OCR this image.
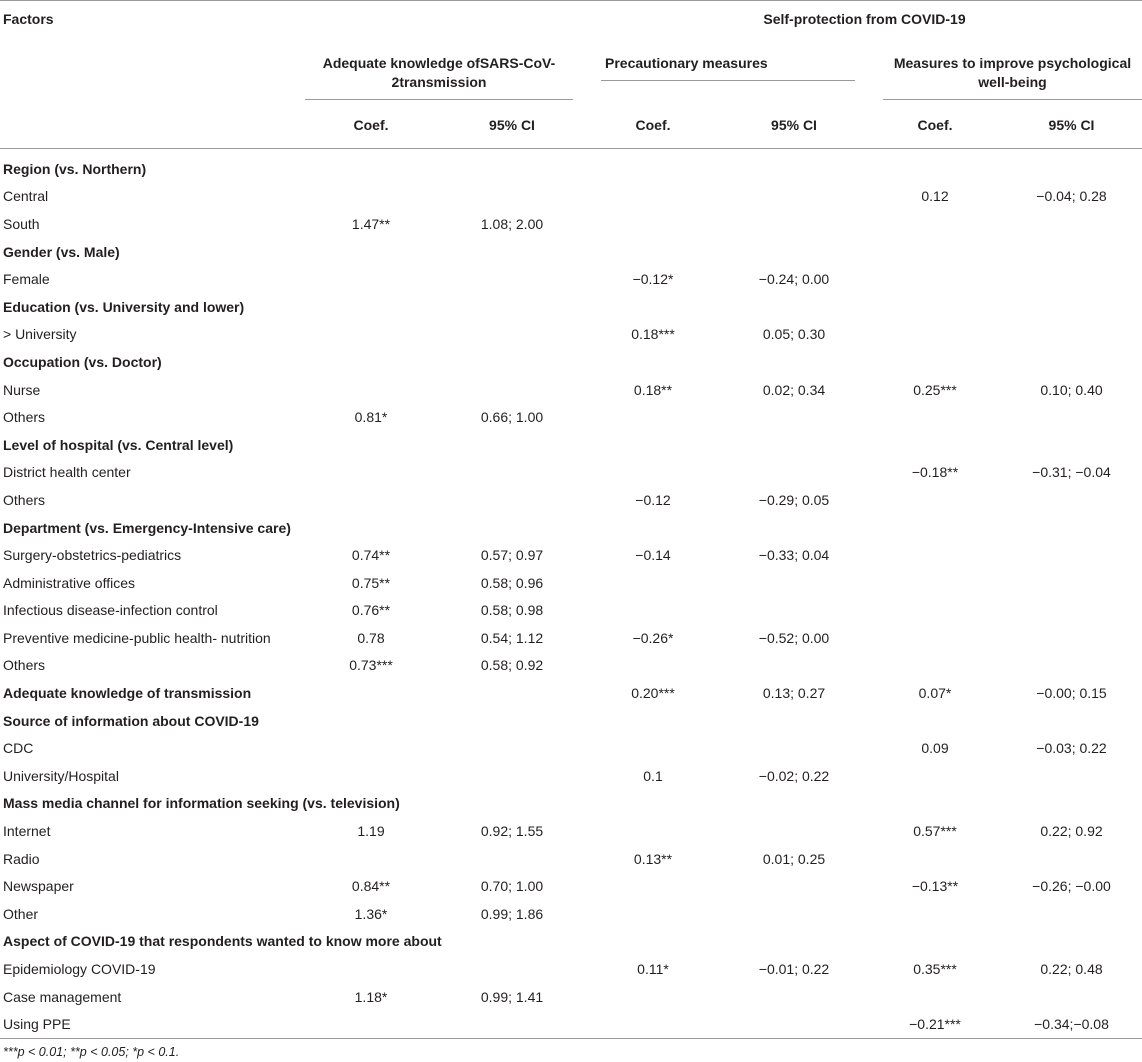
Factors			Self-protection from COVID-19			

	Adequate knowledge ofSARS-CoV-2transmission		Precautionary measures		Measures to improve psychological well-being	

	Coef.	95% CI	Coef.	95% CI	Coef.	95% CI
Region (vs. Northern)						
Central					0.12	−0.04; 0.28
South	1.47**	1.08; 2.00				
Gender (vs. Male)						
Female			−0.12*	−0.24; 0.00		
Education (vs. University and lower)						
> University			0.18***	0.05; 0.30		
Occupation (vs. Doctor)						
Nurse			0.18**	0.02; 0.34	0.25***	0.10; 0.40
Others	0.81*	0.66; 1.00				
Level of hospital (vs. Central level)						
District health center					−0.18**	−0.31; −0.04
Others			−0.12	−0.29; 0.05		
Department (vs. Emergency-Intensive care)						
Surgery-obstetrics-pediatrics	0.74**	0.57; 0.97	−0.14	−0.33; 0.04		
Administrative offices	0.75**	0.58; 0.96				
Infectious disease-infection control	0.76**	0.58; 0.98				
Preventive medicine-public health- nutrition	0.78	0.54; 1.12	−0.26*	−0.52; 0.00		
Others	0.73***	0.58; 0.92				
Adequate knowledge of transmission			0.20***	0.13; 0.27	0.07*	−0.00; 0.15
Source of information about COVID-19						
CDC					0.09	−0.03; 0.22
University/Hospital			0.1	−0.02; 0.22		
Mass media channel for information seeking (vs. television)						
Internet	1.19	0.92; 1.55			0.57***	0.22; 0.92
Radio			0.13**	0.01; 0.25		
Newspaper	0.84**	0.70; 1.00			−0.13**	−0.26; −0.00
Other	1.36*	0.99; 1.86				
Aspect of COVID-19 that respondents wanted to know more about						
Epidemiology COVID-19			0.11*	−0.01; 0.22	0.35***	0.22; 0.48
Case management	1.18*	0.99; 1.41				
Using PPE					−0.21***	−0.34;−0.08
***p < 0.01; **p < 0.05; *p < 0.1.
